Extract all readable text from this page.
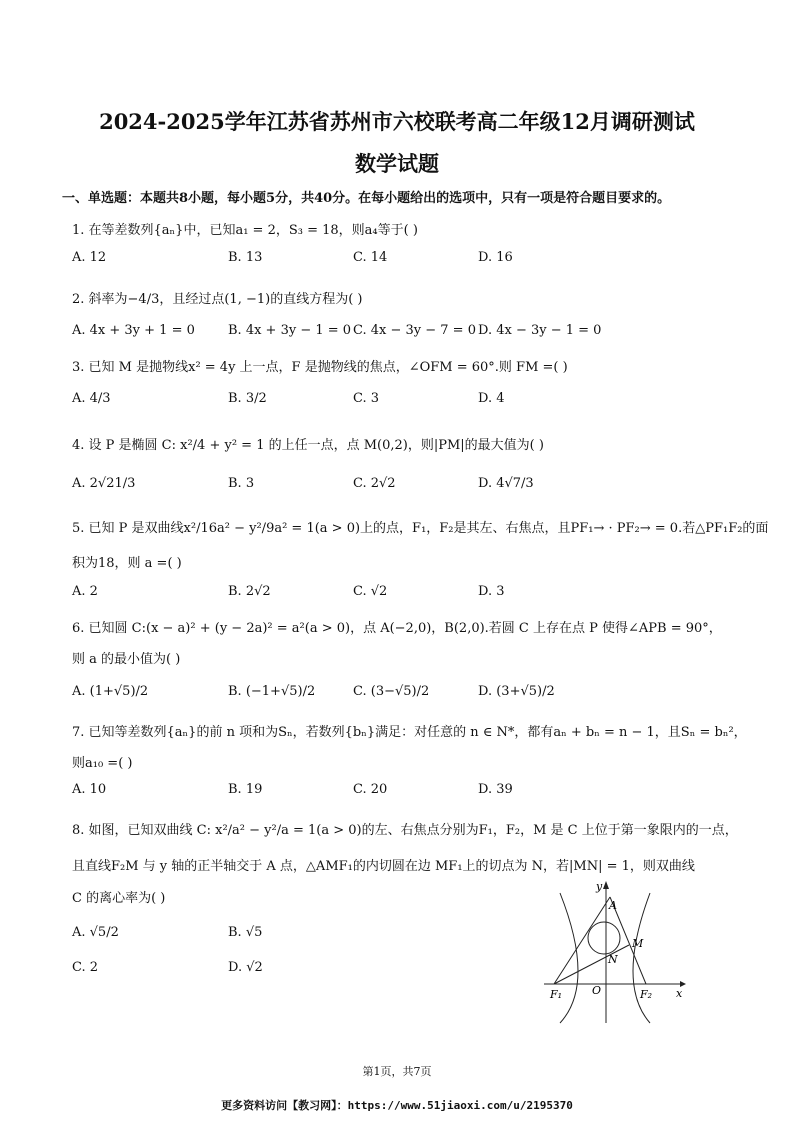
2024-2025学年江苏省苏州市六校联考高二年级12月调研测试
数学试题
一、单选题：本题共8小题，每小题5分，共40分。在每小题给出的选项中，只有一项是符合题目要求的。
1. 在等差数列{aₙ}中，已知a₁ = 2，S₃ = 18，则a₄等于( )
A. 12	B. 13	C. 14	D. 16
2. 斜率为−4/3，且经过点(1, −1)的直线方程为( )
A. 4x + 3y + 1 = 0	B. 4x + 3y − 1 = 0 C. 4x − 3y − 7 = 0 D. 4x − 3y − 1 = 0
3. 已知 M 是抛物线x² = 4y 上一点，F 是抛物线的焦点，∠OFM = 60°.则 FM =( )
A. 4/3	B. 3/2	C. 3	D. 4
4. 设 P 是椭圆 C: x²/4 + y² = 1 的上任一点，点 M(0,2)，则|PM|的最大值为( )
A. 2√21/3	B. 3	C. 2√2	D. 4√7/3
5. 已知 P 是双曲线x²/16a² − y²/9a² = 1(a > 0)上的点，F₁，F₂是其左、右焦点，且PF₁→ · PF₂→ = 0.若△PF₁F₂的面
积为18，则 a =( )
A. 2	B. 2√2	C. √2	D. 3
6. 已知圆 C:(x − a)² + (y − 2a)² = a²(a > 0)，点 A(−2,0)，B(2,0).若圆 C 上存在点 P 使得∠APB = 90°，
则 a 的最小值为( )
A. (1+√5)/2	B. (−1+√5)/2	C. (3−√5)/2	D. (3+√5)/2
7. 已知等差数列{aₙ}的前 n 项和为Sₙ，若数列{bₙ}满足：对任意的 n ∈ N*，都有aₙ + bₙ = n − 1，且Sₙ = bₙ²，
则a₁₀ =( )
A. 10	B. 19	C. 20	D. 39
8. 如图，已知双曲线 C: x²/a² − y²/a = 1(a > 0)的左、右焦点分别为F₁，F₂，M 是 C 上位于第一象限内的一点，
且直线F₂M 与 y 轴的正半轴交于 A 点，△AMF₁的内切圆在边 MF₁上的切点为 N，若|MN| = 1，则双曲线
C 的离心率为( )
A. √5/2	B. √5
C. 2	D. √2
y
x
A
M
N
F₁	O	F₂
第1页，共7页
更多资料访问【教习网】：https://www.51jiaoxi.com/u/2195370
